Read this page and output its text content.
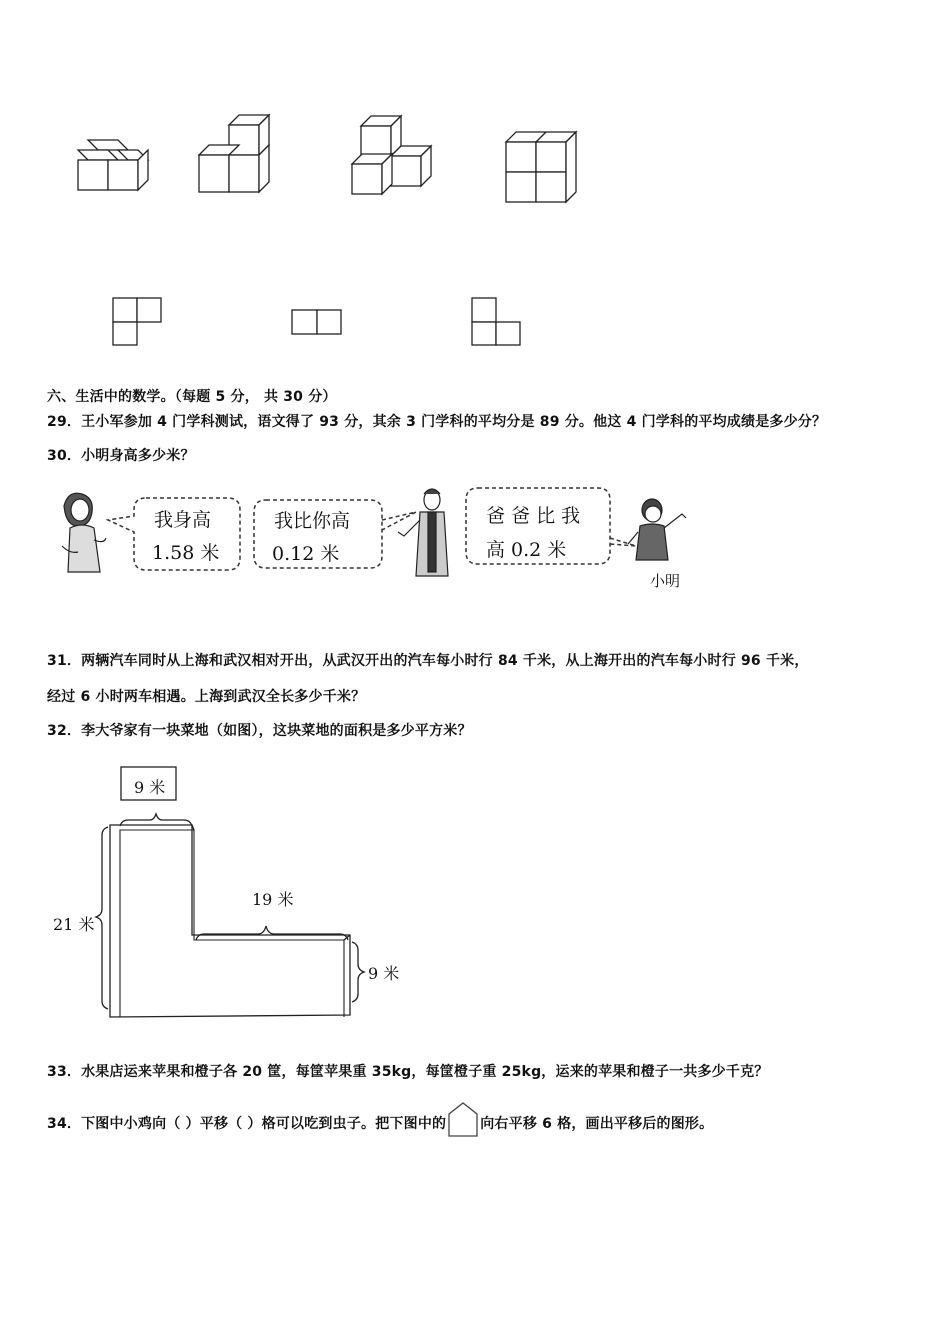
六、生活中的数学。（每题 5 分， 共 30 分）
29．王小军参加 4 门学科测试，语文得了 93 分，其余 3 门学科的平均分是 89 分。他这 4 门学科的平均成绩是多少分？
30．小明身高多少米？
我身高
1.58 米
我比你高
0.12 米
爸 爸 比 我
高 0.2 米
小明
31．两辆汽车同时从上海和武汉相对开出，从武汉开出的汽车每小时行 84 千米，从上海开出的汽车每小时行 96 千米，
经过 6 小时两车相遇。上海到武汉全长多少千米？
32．李大爷家有一块菜地（如图），这块菜地的面积是多少平方米？
9 米
21 米
19 米
9 米
33．水果店运来苹果和橙子各 20 筐，每筐苹果重 35kg，每筐橙子重 25kg，运来的苹果和橙子一共多少千克？
34．下图中小鸡向（ ）平移（ ）格可以吃到虫子。把下图中的 向右平移 6 格，画出平移后的图形。
